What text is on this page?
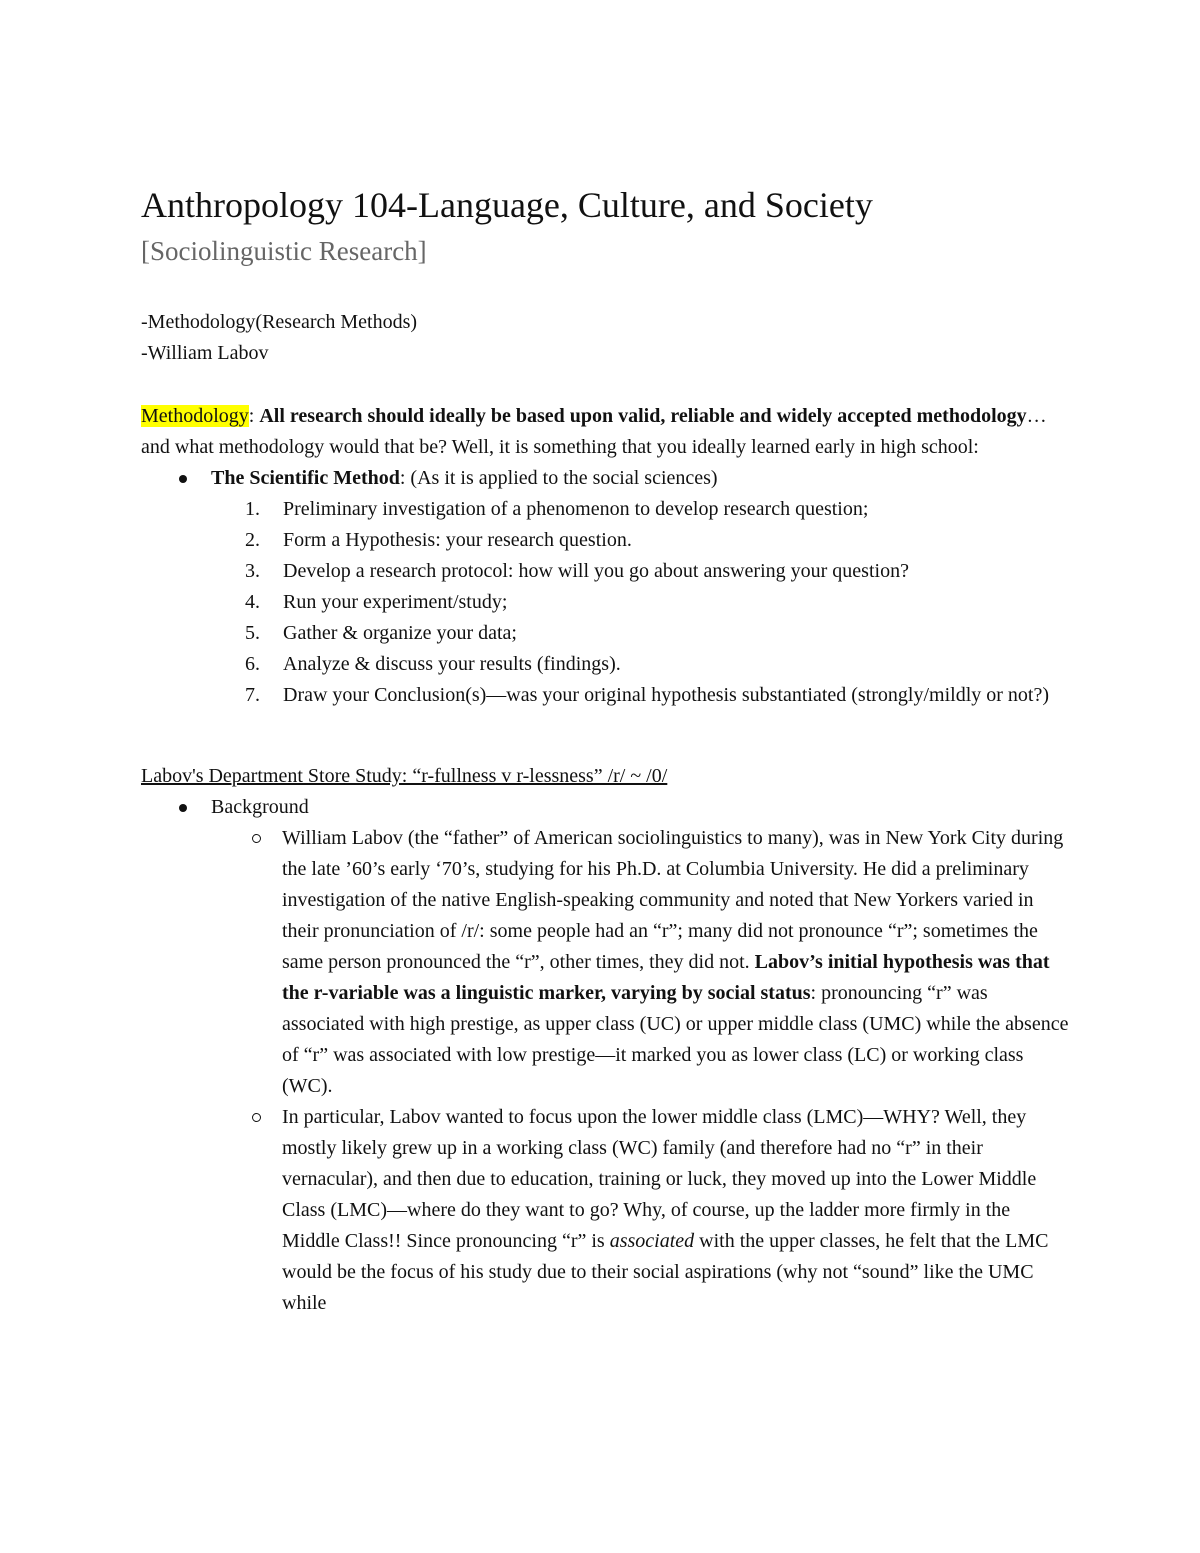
Anthropology 104-Language, Culture, and Society
[Sociolinguistic Research]
-Methodology(Research Methods)
-William Labov
Methodology: All research should ideally be based upon valid, reliable and widely accepted methodology…and what methodology would that be? Well, it is something that you ideally learned early in high school:
The Scientific Method: (As it is applied to the social sciences)
1.	Preliminary investigation of a phenomenon to develop research question;
2.	Form a Hypothesis: your research question.
3.	Develop a research protocol: how will you go about answering your question?
4.	Run your experiment/study;
5.	Gather & organize your data;
6.	Analyze & discuss your results (findings).
7.	Draw your Conclusion(s)—was your original hypothesis substantiated (strongly/mildly or not?)
Labov's Department Store Study: “r-fullness v r-lessness” /r/ ~ /0/
Background
William Labov (the “father” of American sociolinguistics to many), was in New York City during the late ’60’s early ‘70’s, studying for his Ph.D. at Columbia University. He did a preliminary investigation of the native English-speaking community and noted that New Yorkers varied in their pronunciation of /r/: some people had an “r”; many did not pronounce “r”; sometimes the same person pronounced the “r”, other times, they did not. Labov’s initial hypothesis was that the r-variable was a linguistic marker, varying by social status: pronouncing “r” was associated with high prestige, as upper class (UC) or upper middle class (UMC) while the absence of “r” was associated with low prestige—it marked you as lower class (LC) or working class (WC).
In particular, Labov wanted to focus upon the lower middle class (LMC)—WHY? Well, they mostly likely grew up in a working class (WC) family (and therefore had no “r” in their vernacular), and then due to education, training or luck, they moved up into the Lower Middle Class (LMC)—where do they want to go? Why, of course, up the ladder more firmly in the Middle Class!! Since pronouncing “r” is associated with the upper classes, he felt that the LMC would be the focus of his study due to their social aspirations (why not “sound” like the UMC while
